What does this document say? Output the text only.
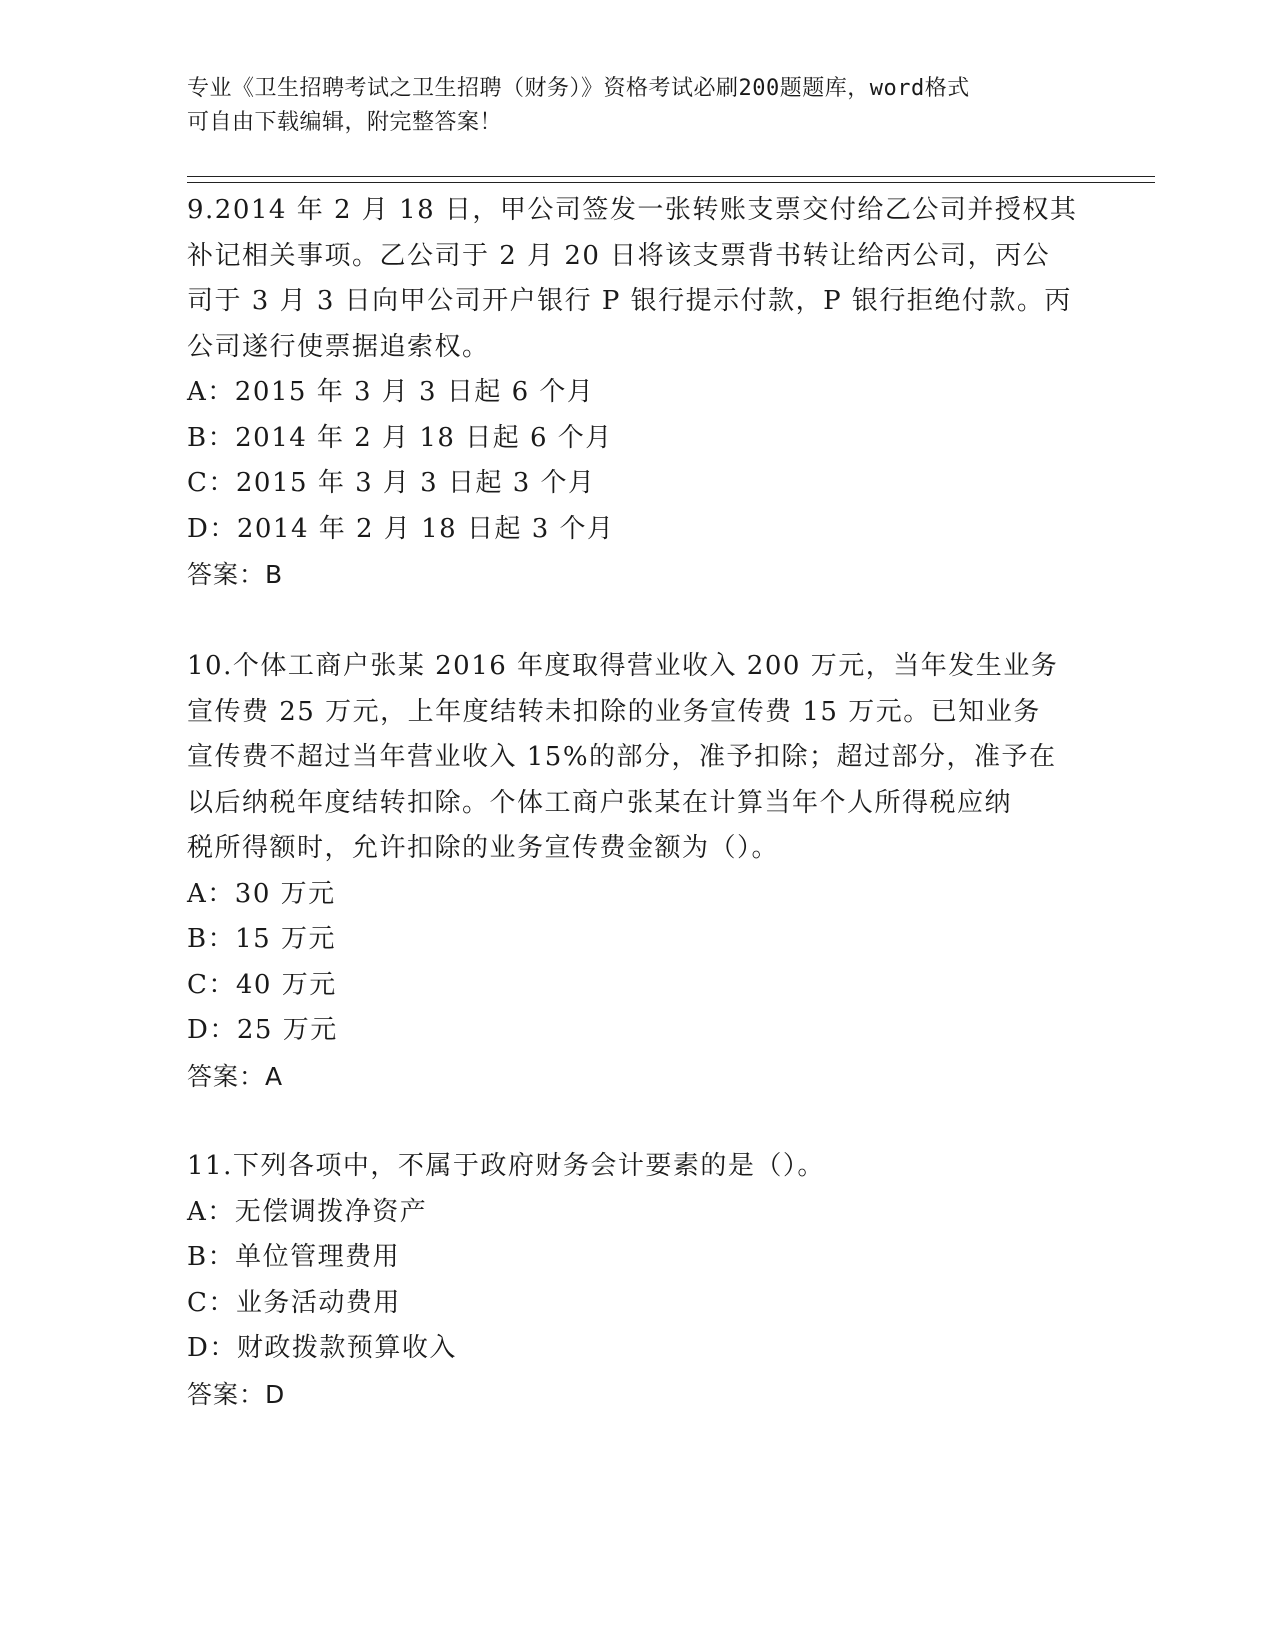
专业《卫生招聘考试之卫生招聘（财务）》资格考试必刷200题题库，word格式
可自由下载编辑，附完整答案！
9.2014 年 2 月 18 日，甲公司签发一张转账支票交付给乙公司并授权其
补记相关事项。乙公司于 2 月 20 日将该支票背书转让给丙公司，丙公
司于 3 月 3 日向甲公司开户银行 P 银行提示付款，P 银行拒绝付款。丙
公司遂行使票据追索权。
A：2015 年 3 月 3 日起 6 个月
B：2014 年 2 月 18 日起 6 个月
C：2015 年 3 月 3 日起 3 个月
D：2014 年 2 月 18 日起 3 个月
答案：B
10.个体工商户张某 2016 年度取得营业收入 200 万元，当年发生业务
宣传费 25 万元，上年度结转未扣除的业务宣传费 15 万元。已知业务
宣传费不超过当年营业收入 15%的部分，准予扣除；超过部分，准予在
以后纳税年度结转扣除。个体工商户张某在计算当年个人所得税应纳
税所得额时，允许扣除的业务宣传费金额为（）。
A：30 万元
B：15 万元
C：40 万元
D：25 万元
答案：A
11.下列各项中，不属于政府财务会计要素的是（）。
A：无偿调拨净资产
B：单位管理费用
C：业务活动费用
D：财政拨款预算收入
答案：D
